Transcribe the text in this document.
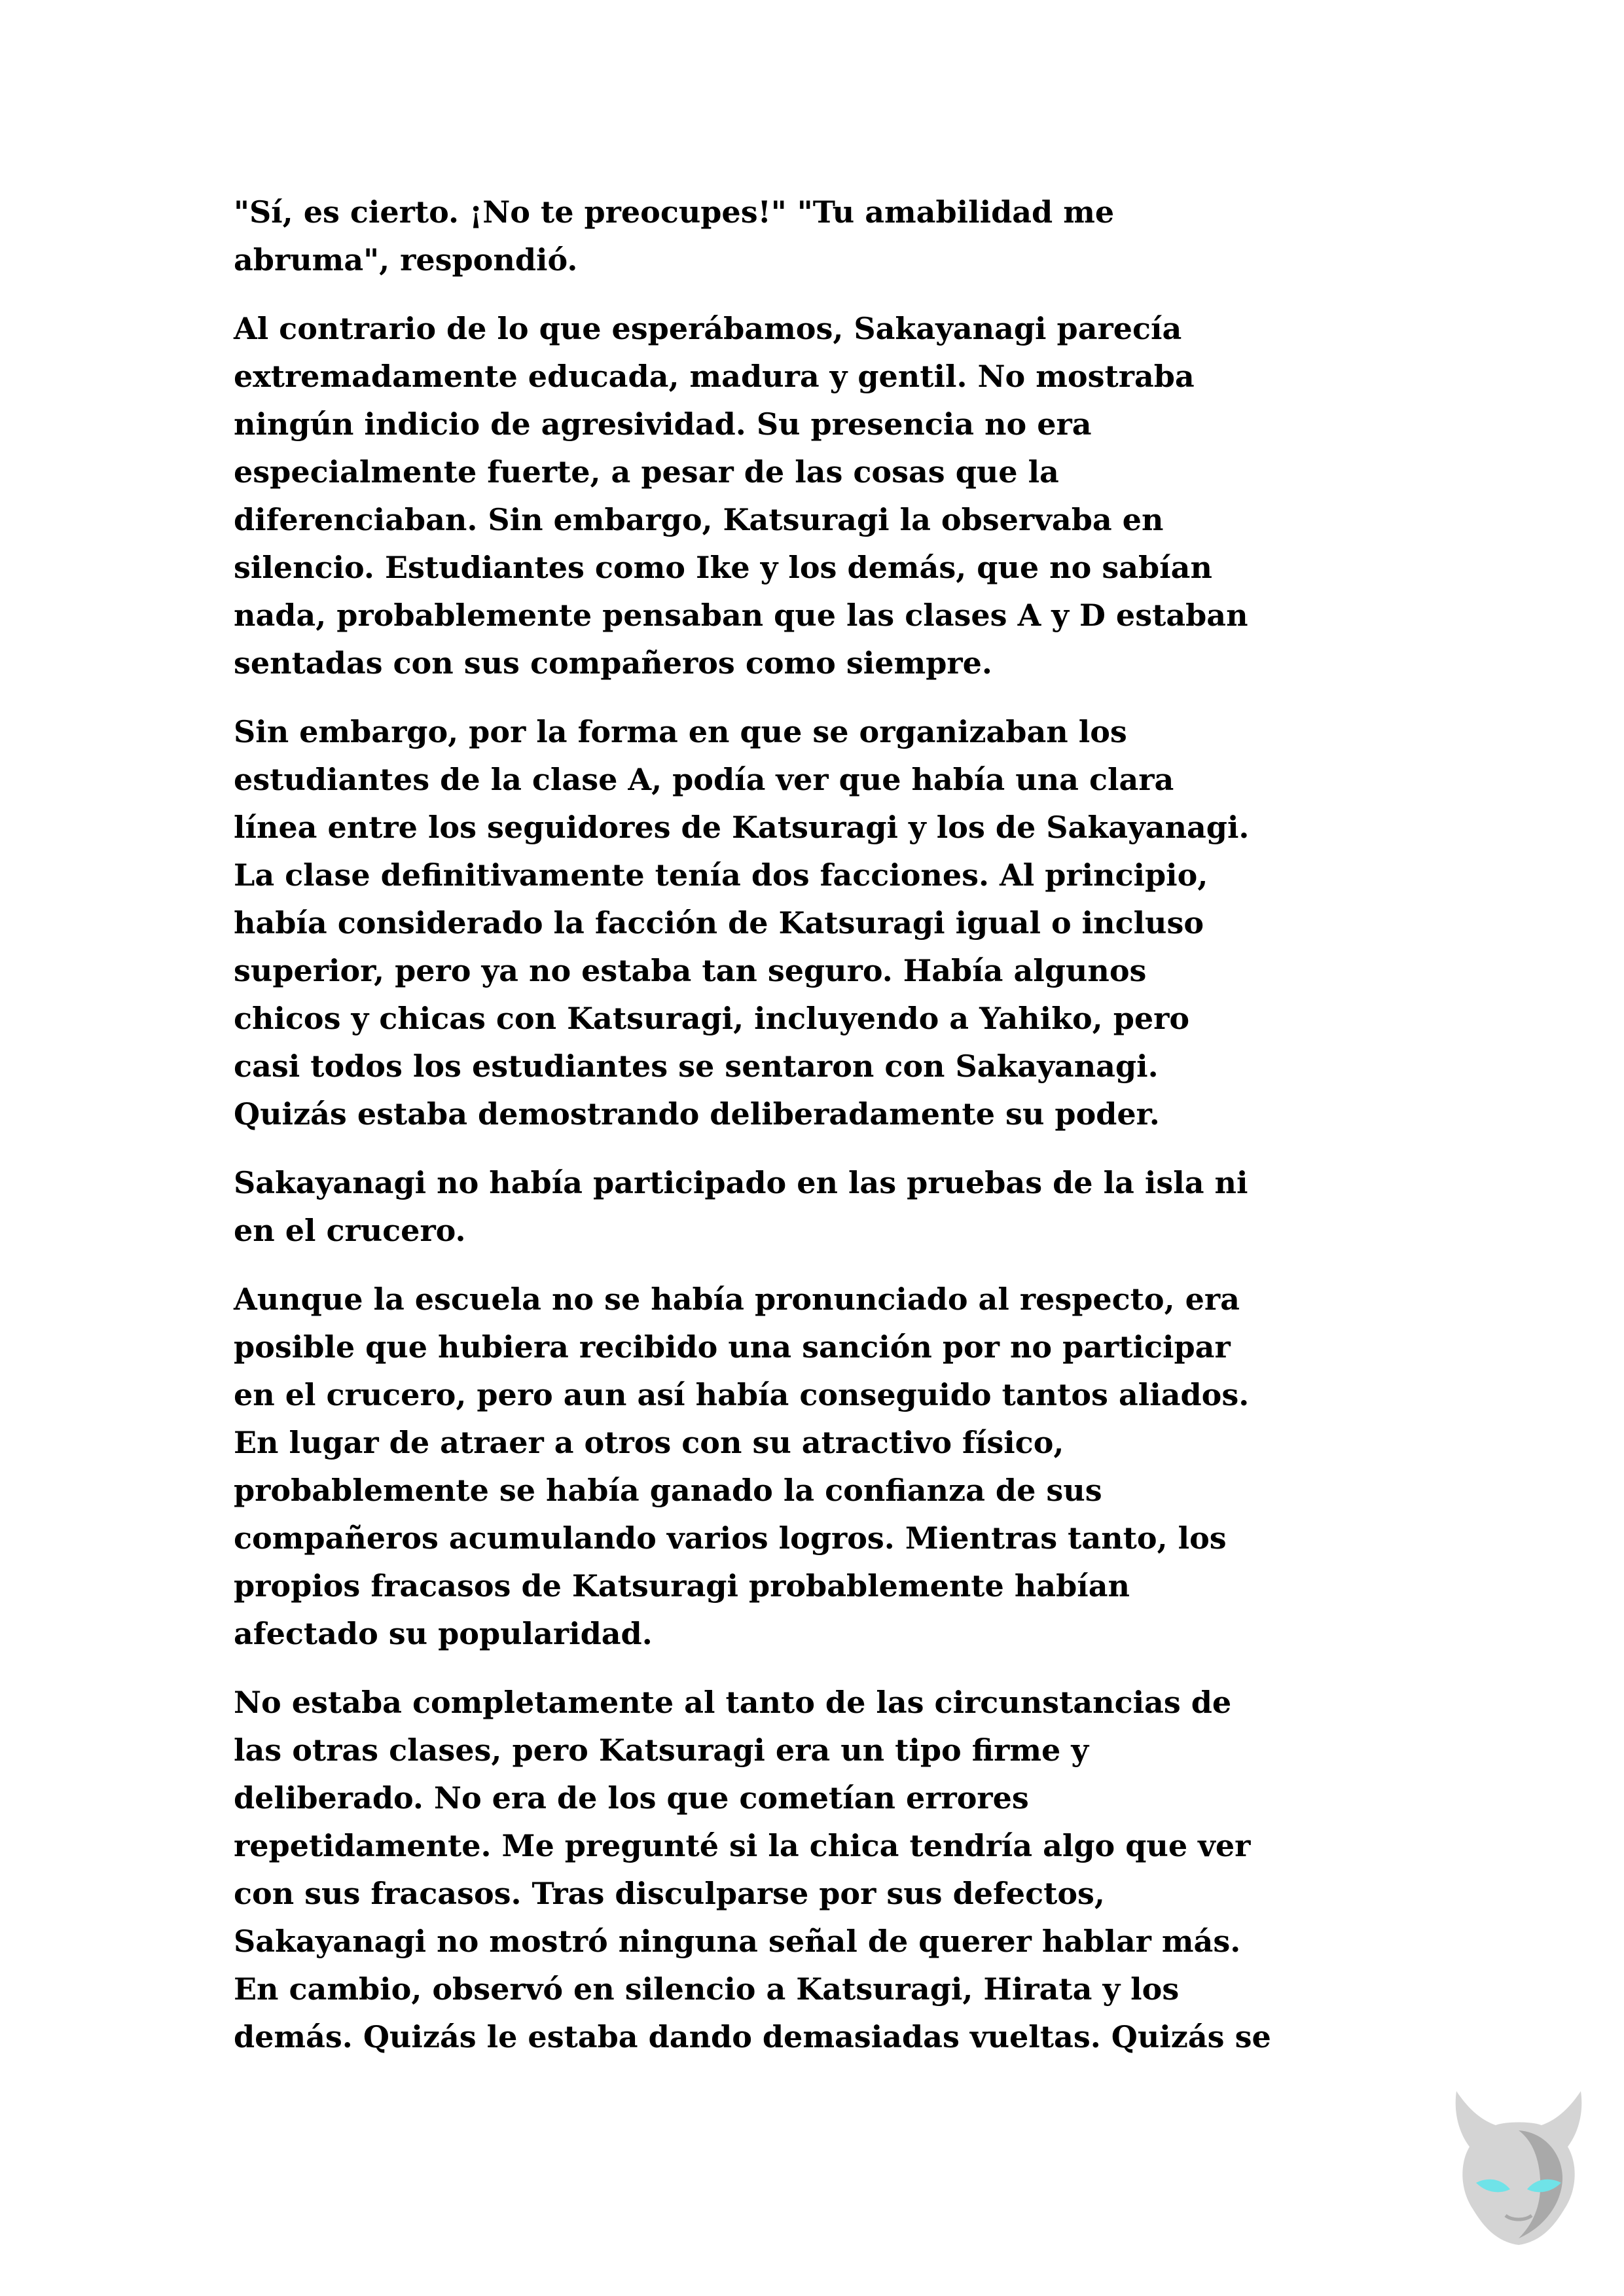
"Sí, es cierto. ¡No te preocupes!" "Tu amabilidad me
abruma", respondió.

Al contrario de lo que esperábamos, Sakayanagi parecía
extremadamente educada, madura y gentil. No mostraba
ningún indicio de agresividad. Su presencia no era
especialmente fuerte, a pesar de las cosas que la
diferenciaban. Sin embargo, Katsuragi la observaba en
silencio. Estudiantes como Ike y los demás, que no sabían
nada, probablemente pensaban que las clases A y D estaban
sentadas con sus compañeros como siempre.

Sin embargo, por la forma en que se organizaban los
estudiantes de la clase A, podía ver que había una clara
línea entre los seguidores de Katsuragi y los de Sakayanagi.
La clase definitivamente tenía dos facciones. Al principio,
había considerado la facción de Katsuragi igual o incluso
superior, pero ya no estaba tan seguro. Había algunos
chicos y chicas con Katsuragi, incluyendo a Yahiko, pero
casi todos los estudiantes se sentaron con Sakayanagi.
Quizás estaba demostrando deliberadamente su poder.

Sakayanagi no había participado en las pruebas de la isla ni
en el crucero.

Aunque la escuela no se había pronunciado al respecto, era
posible que hubiera recibido una sanción por no participar
en el crucero, pero aun así había conseguido tantos aliados.
En lugar de atraer a otros con su atractivo físico,
probablemente se había ganado la confianza de sus
compañeros acumulando varios logros. Mientras tanto, los
propios fracasos de Katsuragi probablemente habían
afectado su popularidad.

No estaba completamente al tanto de las circunstancias de
las otras clases, pero Katsuragi era un tipo firme y
deliberado. No era de los que cometían errores
repetidamente. Me pregunté si la chica tendría algo que ver
con sus fracasos. Tras disculparse por sus defectos,
Sakayanagi no mostró ninguna señal de querer hablar más.
En cambio, observó en silencio a Katsuragi, Hirata y los
demás. Quizás le estaba dando demasiadas vueltas. Quizás se
